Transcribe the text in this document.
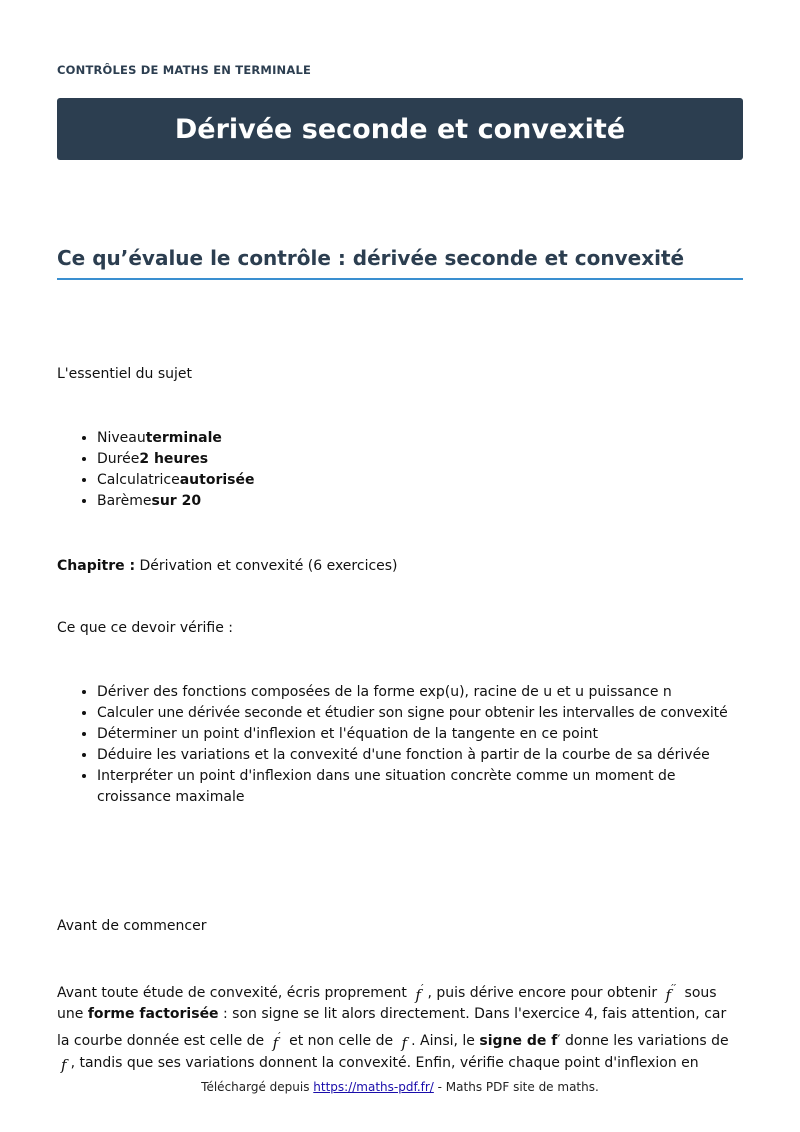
CONTRÔLES DE MATHS EN TERMINALE
Dérivée seconde et convexité
Ce qu’évalue le contrôle : dérivée seconde et convexité

L'essentiel du sujet

• Niveauterminale
• Durée2 heures
• Calculatriceautorisée
• Barèmesur 20

Chapitre : Dérivation et convexité (6 exercices)

Ce que ce devoir vérifie :

• Dériver des fonctions composées de la forme exp(u), racine de u et u puissance n
• Calculer une dérivée seconde et étudier son signe pour obtenir les intervalles de convexité
• Déterminer un point d'inflexion et l'équation de la tangente en ce point
• Déduire les variations et la convexité d'une fonction à partir de la courbe de sa dérivée
• Interpréter un point d'inflexion dans une situation concrète comme un moment de croissance maximale

Avant de commencer

Avant toute étude de convexité, écris proprement f′ , puis dérive encore pour obtenir f′′ sous une forme factorisée : son signe se lit alors directement. Dans l'exercice 4, fais attention, car la courbe donnée est celle de f′ et non celle de f . Ainsi, le signe de f′ donne les variations de f , tandis que ses variations donnent la convexité. Enfin, vérifie chaque point d'inflexion en

Téléchargé depuis https://maths-pdf.fr/ - Maths PDF site de maths.
